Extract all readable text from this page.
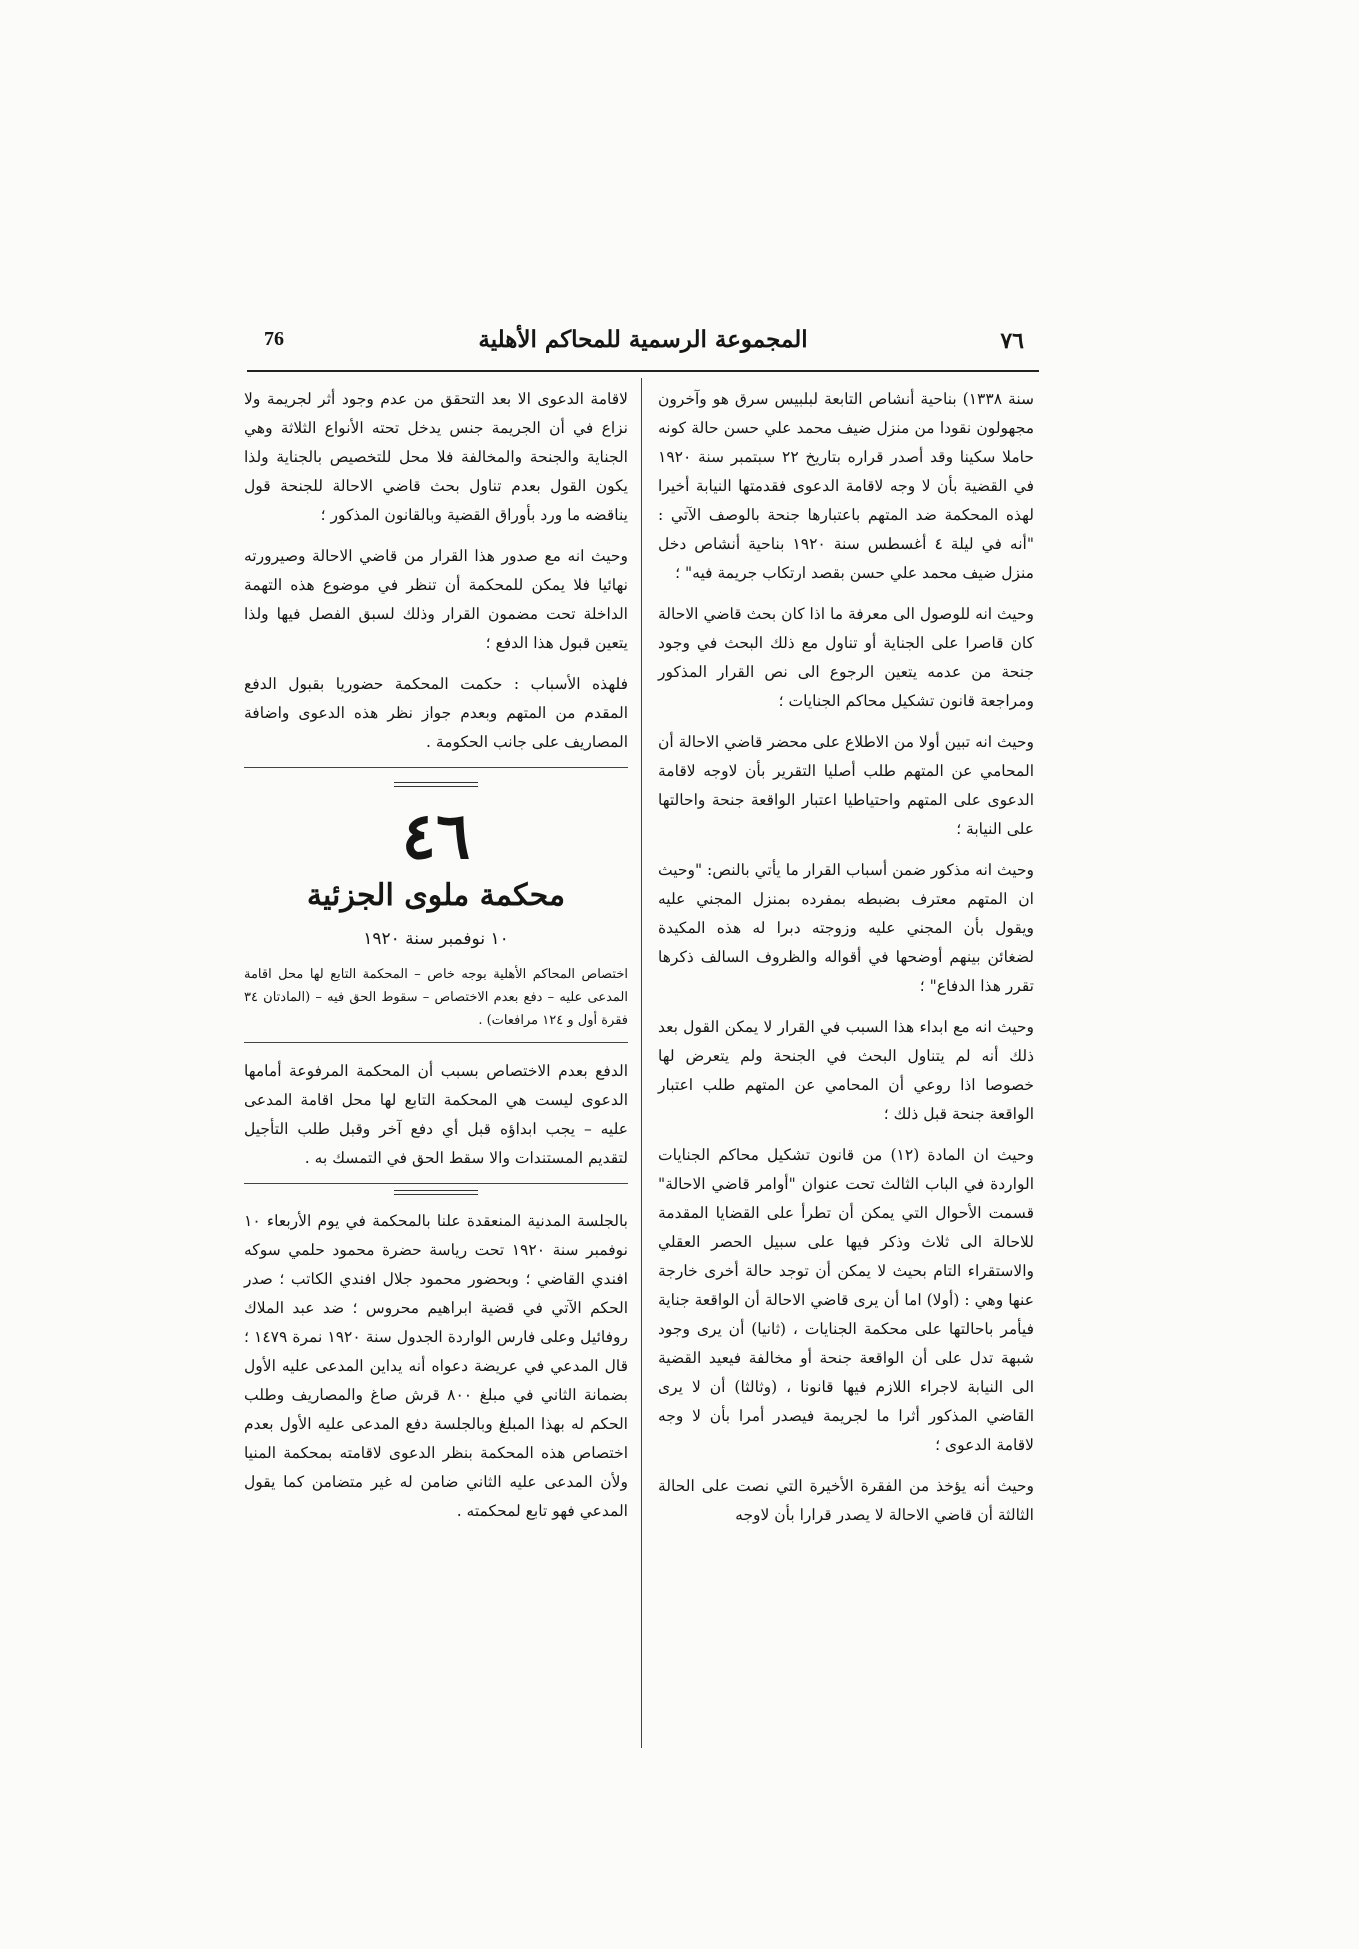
76	المجموعة الرسمية للمحاكم الأهلية	٧٦

سنة ١٣٣٨) بناحية أنشاص التابعة لبلبيس سرق هو وآخرون مجهولون نقودا من منزل ضيف محمد علي حسن حالة كونه حاملا سكينا وقد أصدر قراره بتاريخ ٢٢ سبتمبر سنة ١٩٢٠ في القضية بأن لا وجه لاقامة الدعوى فقدمتها النيابة أخيرا لهذه المحكمة ضد المتهم باعتبارها جنحة بالوصف الآتي : "أنه في ليلة ٤ أغسطس سنة ١٩٢٠ بناحية أنشاص دخل منزل ضيف محمد علي حسن بقصد ارتكاب جريمة فيه" ؛

وحيث انه للوصول الى معرفة ما اذا كان بحث قاضي الاحالة كان قاصرا على الجناية أو تناول مع ذلك البحث في وجود جنحة من عدمه يتعين الرجوع الى نص القرار المذكور ومراجعة قانون تشكيل محاكم الجنايات ؛

وحيث انه تبين أولا من الاطلاع على محضر قاضي الاحالة أن المحامي عن المتهم طلب أصليا التقرير بأن لاوجه لاقامة الدعوى على المتهم واحتياطيا اعتبار الواقعة جنحة واحالتها على النيابة ؛

وحيث انه مذكور ضمن أسباب القرار ما يأتي بالنص: "وحيث ان المتهم معترف بضبطه بمفرده بمنزل المجني عليه ويقول بأن المجني عليه وزوجته دبرا له هذه المكيدة لضغائن بينهم أوضحها في أقواله والظروف السالف ذكرها تقرر هذا الدفاع" ؛

وحيث انه مع ابداء هذا السبب في القرار لا يمكن القول بعد ذلك أنه لم يتناول البحث في الجنحة ولم يتعرض لها خصوصا اذا روعي أن المحامي عن المتهم طلب اعتبار الواقعة جنحة قبل ذلك ؛

وحيث ان المادة (١٢) من قانون تشكيل محاكم الجنايات الواردة في الباب الثالث تحت عنوان "أوامر قاضي الاحالة" قسمت الأحوال التي يمكن أن تطرأ على القضايا المقدمة للاحالة الى ثلاث وذكر فيها على سبيل الحصر العقلي والاستقراء التام بحيث لا يمكن أن توجد حالة أخرى خارجة عنها وهي : (أولا) اما أن يرى قاضي الاحالة أن الواقعة جناية فيأمر باحالتها على محكمة الجنايات ، (ثانيا) أن يرى وجود شبهة تدل على أن الواقعة جنحة أو مخالفة فيعيد القضية الى النيابة لاجراء اللازم فيها قانونا ، (وثالثا) أن لا يرى القاضي المذكور أثرا ما لجريمة فيصدر أمرا بأن لا وجه لاقامة الدعوى ؛

وحيث أنه يؤخذ من الفقرة الأخيرة التي نصت على الحالة الثالثة أن قاضي الاحالة لا يصدر قرارا بأن لاوجه

لاقامة الدعوى الا بعد التحقق من عدم وجود أثر لجريمة ولا نزاع في أن الجريمة جنس يدخل تحته الأنواع الثلاثة وهي الجناية والجنحة والمخالفة فلا محل للتخصيص بالجناية ولذا يكون القول بعدم تناول بحث قاضي الاحالة للجنحة قول يناقضه ما ورد بأوراق القضية وبالقانون المذكور ؛

وحيث انه مع صدور هذا القرار من قاضي الاحالة وصيرورته نهائيا فلا يمكن للمحكمة أن تنظر في موضوع هذه التهمة الداخلة تحت مضمون القرار وذلك لسبق الفصل فيها ولذا يتعين قبول هذا الدفع ؛

فلهذه الأسباب : حكمت المحكمة حضوريا بقبول الدفع المقدم من المتهم وبعدم جواز نظر هذه الدعوى واضافة المصاريف على جانب الحكومة .

٤٦
محكمة ملوى الجزئية
١٠ نوفمبر سنة ١٩٢٠
اختصاص المحاكم الأهلية بوجه خاص – المحكمة التابع لها محل اقامة المدعى عليه – دفع بعدم الاختصاص – سقوط الحق فيه – (المادتان ٣٤ فقرة أول و ١٢٤ مرافعات) .
الدفع بعدم الاختصاص بسبب أن المحكمة المرفوعة أمامها الدعوى ليست هي المحكمة التابع لها محل اقامة المدعى عليه – يجب ابداؤه قبل أي دفع آخر وقبل طلب التأجيل لتقديم المستندات والا سقط الحق في التمسك به .

بالجلسة المدنية المنعقدة علنا بالمحكمة في يوم الأربعاء ١٠ نوفمبر سنة ١٩٢٠ تحت رياسة حضرة محمود حلمي سوكه افندي القاضي ؛ وبحضور محمود جلال افندي الكاتب ؛ صدر الحكم الآتي في قضية ابراهيم محروس ؛ ضد عبد الملاك روفائيل وعلى فارس الواردة الجدول سنة ١٩٢٠ نمرة ١٤٧٩ ؛ قال المدعي في عريضة دعواه أنه يداين المدعى عليه الأول بضمانة الثاني في مبلغ ٨٠٠ قرش صاغ والمصاريف وطلب الحكم له بهذا المبلغ وبالجلسة دفع المدعى عليه الأول بعدم اختصاص هذه المحكمة بنظر الدعوى لاقامته بمحكمة المنيا ولأن المدعى عليه الثاني ضامن له غير متضامن كما يقول المدعي فهو تابع لمحكمته .
